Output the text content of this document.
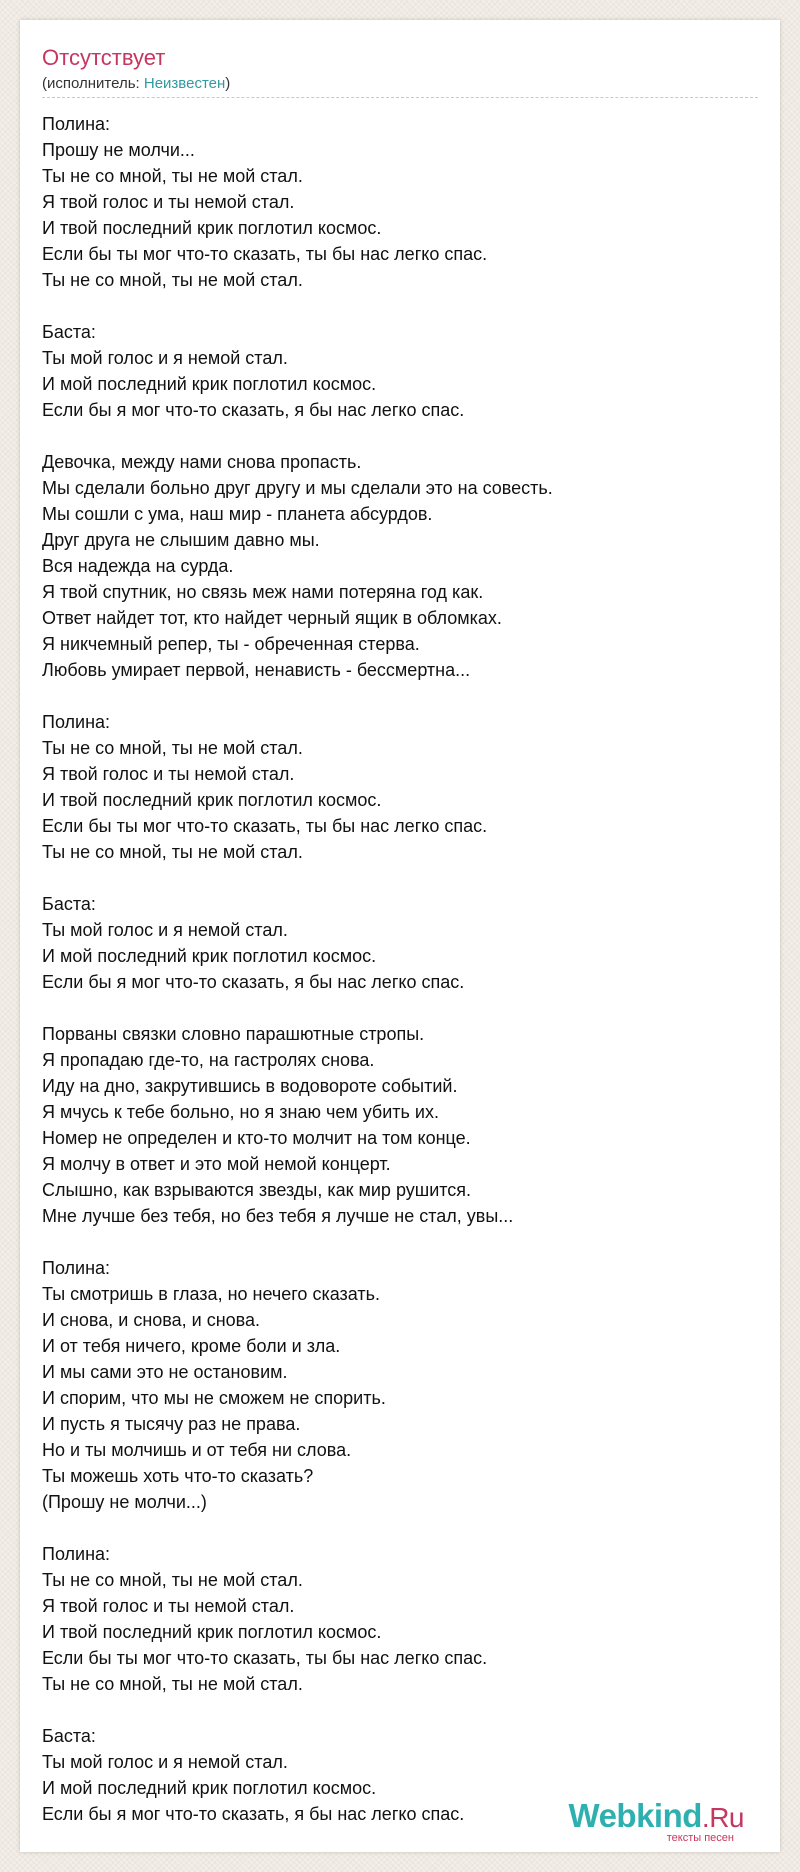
Отсутствует
(исполнитель: Неизвестен)
Полина:
Прошу не молчи...
Ты не со мной, ты не мой стал.
Я твой голос и ты немой стал.
И твой последний крик поглотил космос.
Если бы ты мог что-то сказать, ты бы нас легко спас.
Ты не со мной, ты не мой стал.
Баста:
Ты мой голос и я немой стал.
И мой последний крик поглотил космос.
Если бы я мог что-то сказать, я бы нас легко спас.
Девочка, между нами снова пропасть.
Мы сделали больно друг другу и мы сделали это на совесть.
Мы сошли с ума, наш мир - планета абсурдов.
Друг друга не слышим давно мы.
Вся надежда на сурда.
Я твой спутник, но связь меж нами потеряна год как.
Ответ найдет тот, кто найдет черный ящик в обломках.
Я никчемный репер, ты - обреченная стерва.
Любовь умирает первой, ненависть - бессмертна...
Полина:
Ты не со мной, ты не мой стал.
Я твой голос и ты немой стал.
И твой последний крик поглотил космос.
Если бы ты мог что-то сказать, ты бы нас легко спас.
Ты не со мной, ты не мой стал.
Баста:
Ты мой голос и я немой стал.
И мой последний крик поглотил космос.
Если бы я мог что-то сказать, я бы нас легко спас.
Порваны связки словно парашютные стропы.
Я пропадаю где-то, на гастролях снова.
Иду на дно, закрутившись в водовороте событий.
Я мчусь к тебе больно, но я знаю чем убить их.
Номер не определен и кто-то молчит на том конце.
Я молчу в ответ и это мой немой концерт.
Слышно, как взрываются звезды, как мир рушится.
Мне лучше без тебя, но без тебя я лучше не стал, увы...
Полина:
Ты смотришь в глаза, но нечего сказать.
И снова, и снова, и снова.
И от тебя ничего, кроме боли и зла.
И мы сами это не остановим.
И спорим, что мы не сможем не спорить.
И пусть я тысячу раз не права.
Но и ты молчишь и от тебя ни слова.
Ты можешь хоть что-то сказать?
(Прошу не молчи...)
Полина:
Ты не со мной, ты не мой стал.
Я твой голос и ты немой стал.
И твой последний крик поглотил космос.
Если бы ты мог что-то сказать, ты бы нас легко спас.
Ты не со мной, ты не мой стал.
Баста:
Ты мой голос и я немой стал.
И мой последний крик поглотил космос.
Если бы я мог что-то сказать, я бы нас легко спас.	Webkind.Ru
тексты песен
